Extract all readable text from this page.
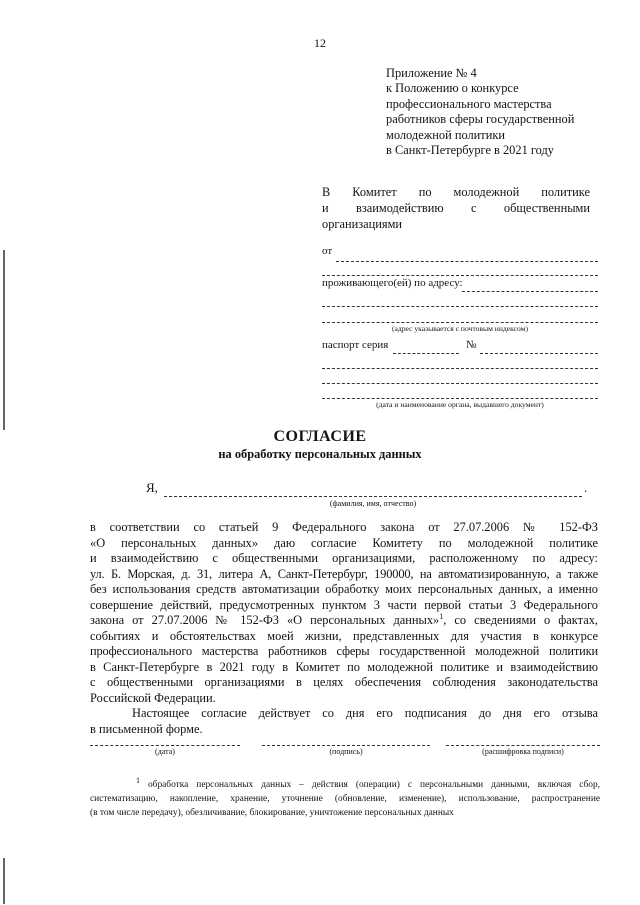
12
Приложение № 4
к Положению о конкурсе
профессионального мастерства
работников сферы государственной
молодежной политики
в Санкт-Петербурге в 2021 году
В Комитет по молодежной политике
и взаимодействию с общественными
организациями
от
проживающего(ей) по адресу:
(адрес указывается с почтовым индексом)
паспорт серия	№
(дата и наименование органа, выдавшего документ)
СОГЛАСИЕ
на обработку персональных данных
Я,	.
(фамилия, имя, отчество)
в соответствии со статьей 9 Федерального закона от 27.07.2006 № 152-ФЗ
«О персональных данных» даю согласие Комитету по молодежной политике
и взаимодействию с общественными организациями, расположенному по адресу:
ул. Б. Морская, д. 31, литера А, Санкт-Петербург, 190000, на автоматизированную, а также
без использования средств автоматизации обработку моих персональных данных, а именно
совершение действий, предусмотренных пунктом 3 части первой статьи 3 Федерального
закона от 27.07.2006 № 152-ФЗ «О персональных данных»$^1$, со сведениями о фактах,
событиях и обстоятельствах моей жизни, представленных для участия в конкурсе
профессионального мастерства работников сферы государственной молодежной политики
в Санкт-Петербурге в 2021 году в Комитет по молодежной политике и взаимодействию
с общественными организациями в целях обеспечения соблюдения законодательства
Российской Федерации.
Настоящее согласие действует со дня его подписания до дня его отзыва
в письменной форме.
(дата)	(подпись)	(расшифровка подписи)
$^1$ обработка персональных данных – действия (операции) с персональными данными, включая сбор,
систематизацию, накопление, хранение, уточнение (обновление, изменение), использование, распространение
(в том числе передачу), обезличивание, блокирование, уничтожение персональных данных
